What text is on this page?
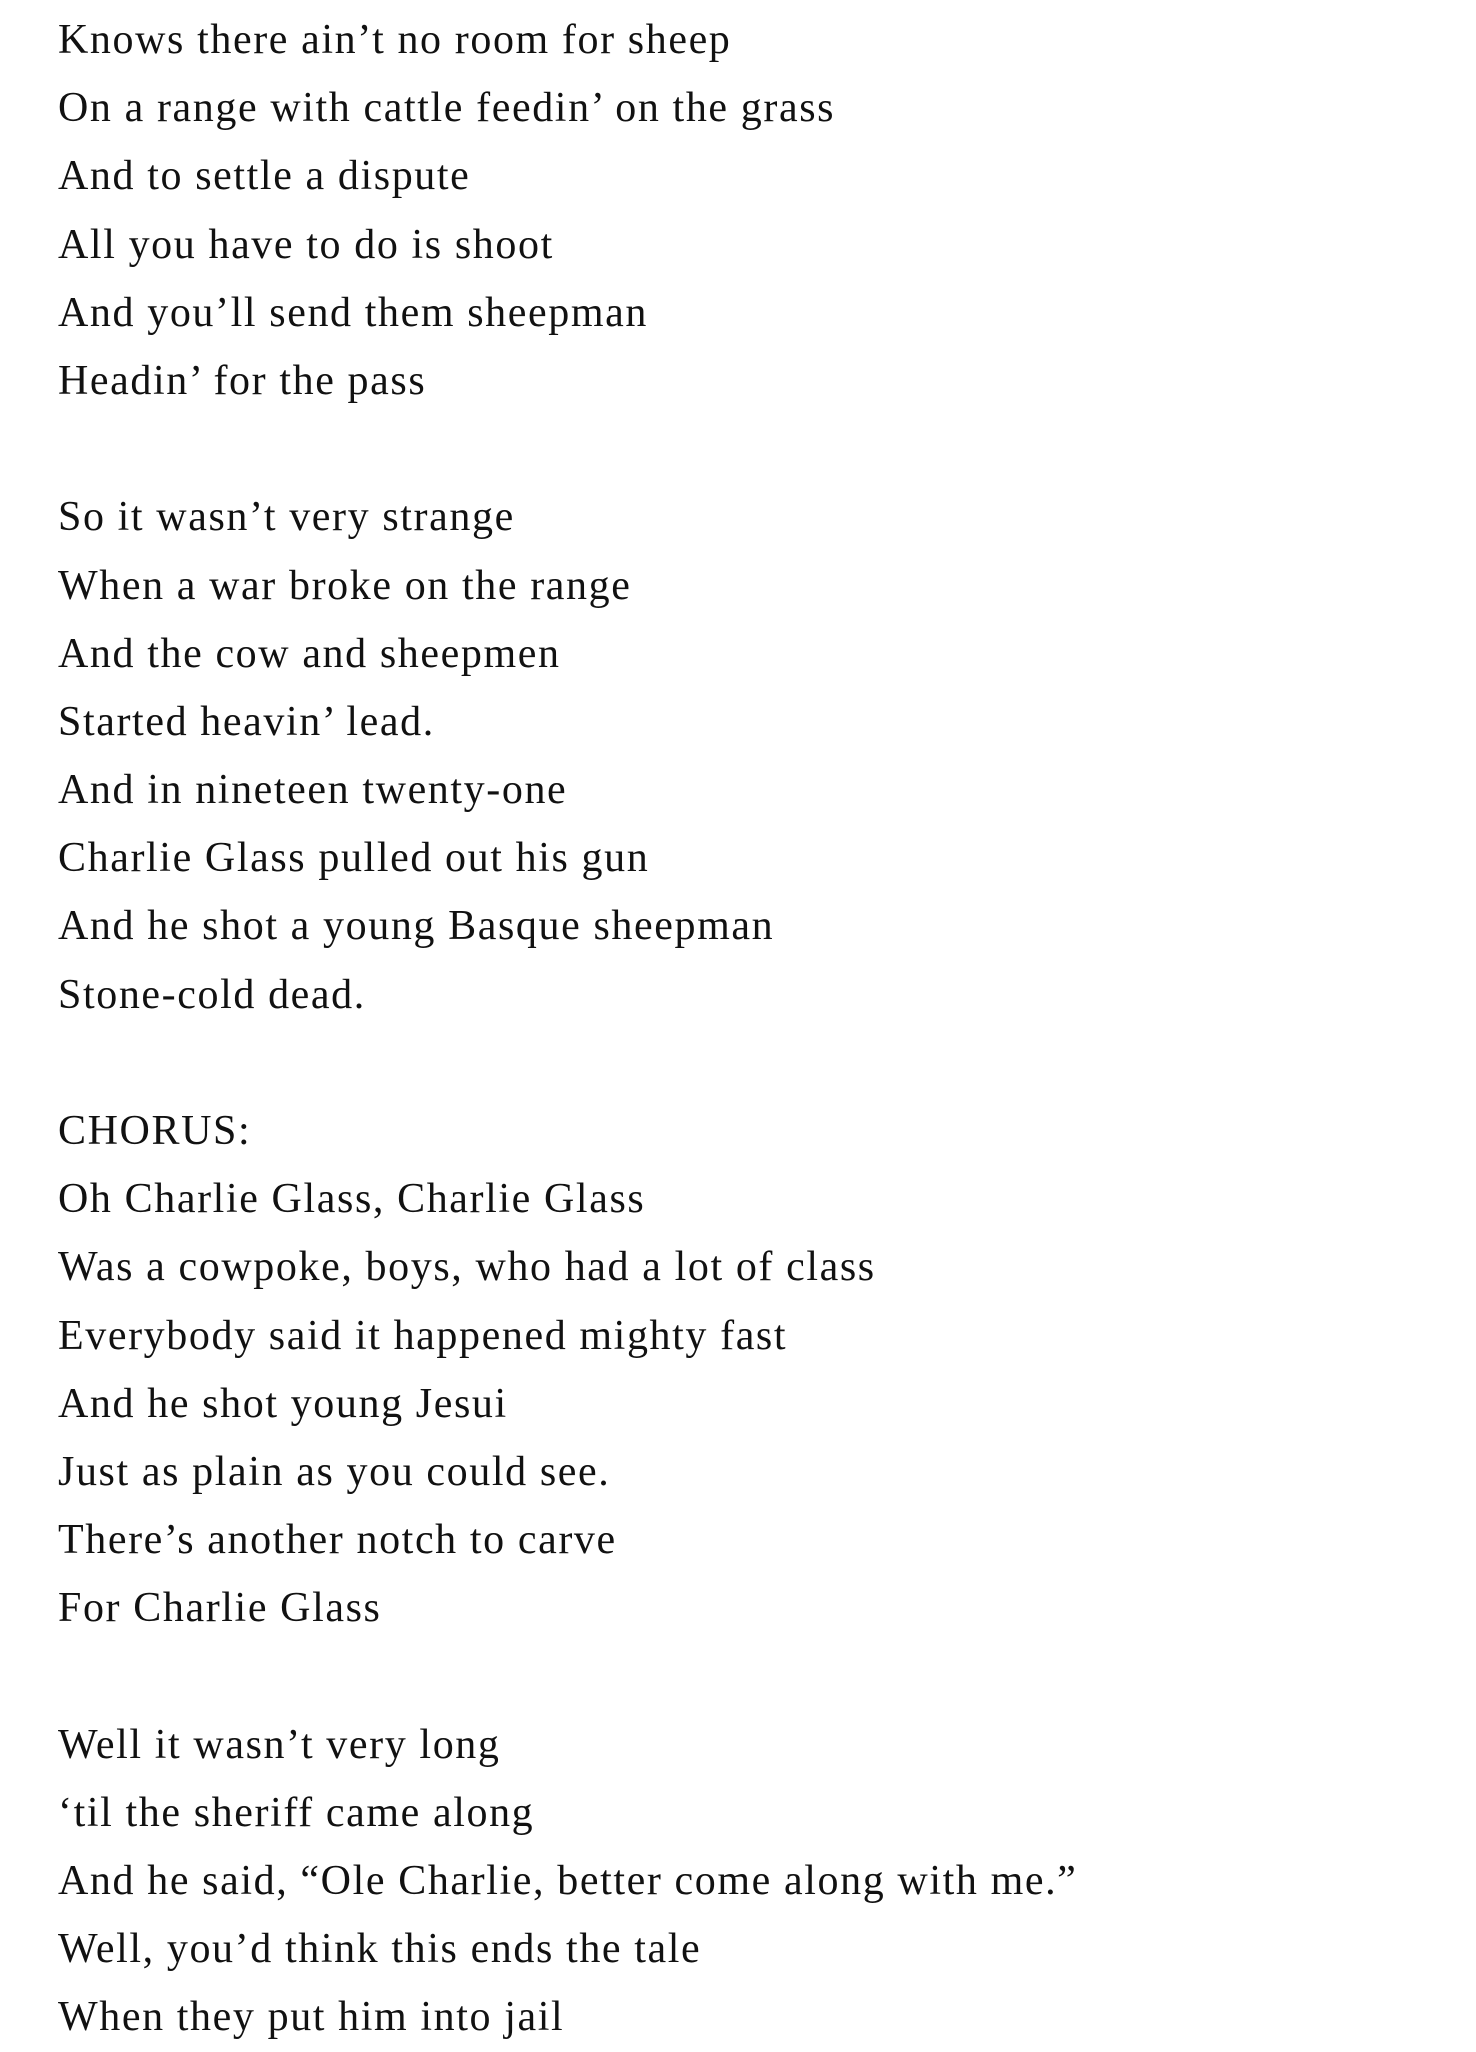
Knows there ain’t no room for sheep
On a range with cattle feedin’ on the grass
And to settle a dispute
All you have to do is shoot
And you’ll send them sheepman
Headin’ for the pass
So it wasn’t very strange
When a war broke on the range
And the cow and sheepmen
Started heavin’ lead.
And in nineteen twenty-one
Charlie Glass pulled out his gun
And he shot a young Basque sheepman
Stone-cold dead.
CHORUS:
Oh Charlie Glass, Charlie Glass
Was a cowpoke, boys, who had a lot of class
Everybody said it happened mighty fast
And he shot young Jesui
Just as plain as you could see.
There’s another notch to carve
For Charlie Glass
Well it wasn’t very long
‘til the sheriff came along
And he said, “Ole Charlie, better come along with me.”
Well, you’d think this ends the tale
When they put him into jail
